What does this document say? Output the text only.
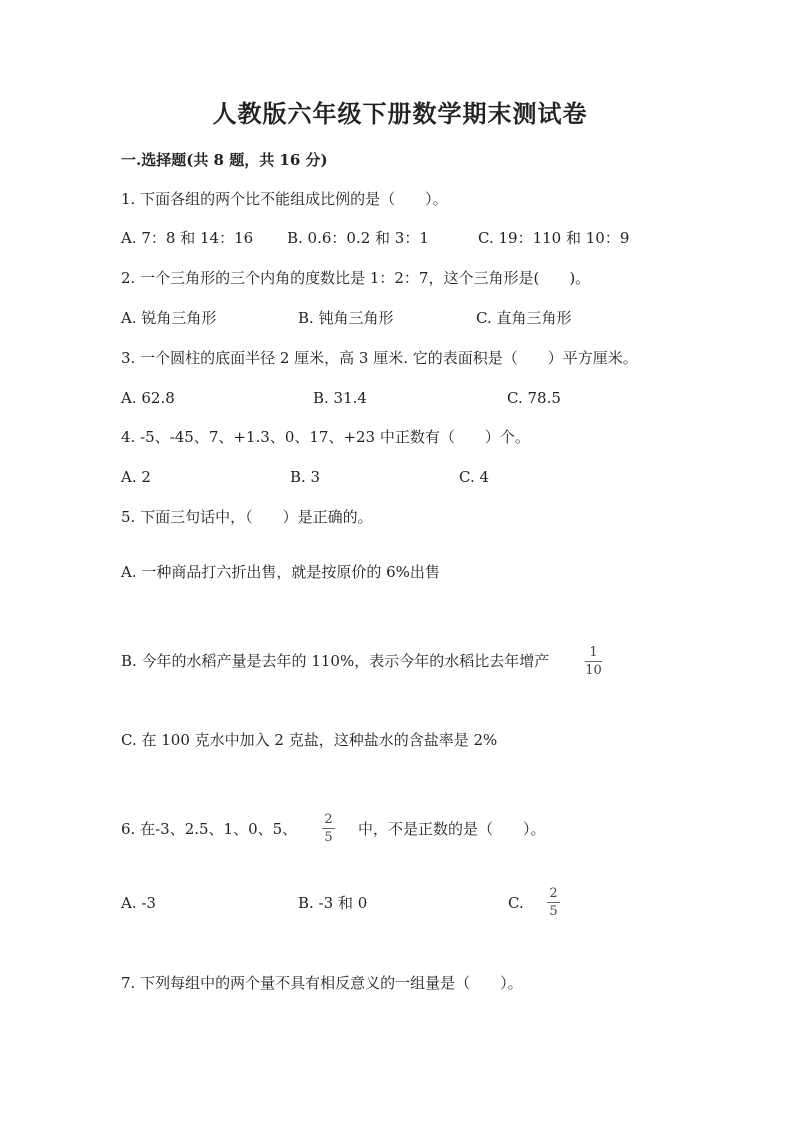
人教版六年级下册数学期末测试卷
一.选择题(共 8 题，共 16 分)
1. 下面各组的两个比不能组成比例的是（　　）。
A. 7：8 和 14：16 B. 0.6：0.2 和 3：1	C. 19：110 和 10：9
2. 一个三角形的三个内角的度数比是 1：2：7，这个三角形是(　　)。
A. 锐角三角形	B. 钝角三角形	C. 直角三角形
3. 一个圆柱的底面半径 2 厘米，高 3 厘米. 它的表面积是（　　）平方厘米。
A. 62.8	B. 31.4	C. 78.5
4. -5、-45、7、+1.3、0、17、+23 中正数有（　　）个。
A. 2	B. 3	C. 4
5. 下面三句话中，（　　）是正确的。
A. 一种商品打六折出售，就是按原价的 6%出售
B. 今年的水稻产量是去年的 110%，表示今年的水稻比去年增产	1
10
C. 在 100 克水中加入 2 克盐，这种盐水的含盐率是 2%
6. 在-3、2.5、1、0、5、
2
5 中，不是正数的是（　　）。
A. -3	B. -3 和 0	C.
2
5
7. 下列每组中的两个量不具有相反意义的一组量是（　　）。
